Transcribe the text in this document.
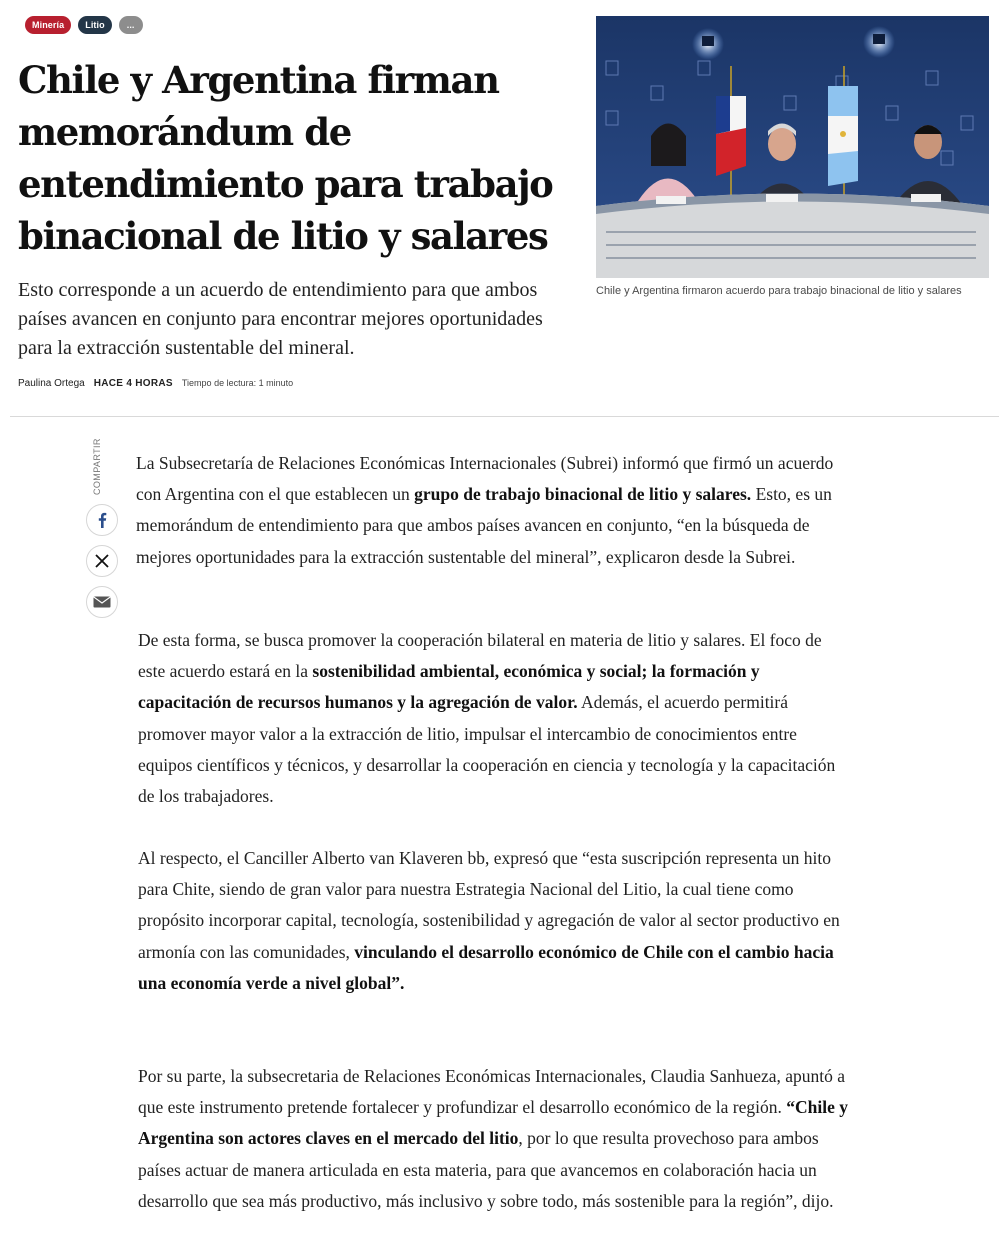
Minería	Litio	...
Chile y Argentina firman memorándum de entendimiento para trabajo binacional de litio y salares

Esto corresponde a un acuerdo de entendimiento para que ambos países avancen en conjunto para encontrar mejores oportunidades para la extracción sustentable del mineral.

Paulina Ortega HACE 4 HORAS Tiempo de lectura: 1 minuto

Chile y Argentina firmaron acuerdo para trabajo binacional de litio y salares

COMPARTIR La Subsecretaría de Relaciones Económicas Internacionales (Subrei) informó que firmó un acuerdo con Argentina con el que establecen un grupo de trabajo binacional de litio y salares. Esto, es un memorándum de entendimiento para que ambos países avancen en conjunto, “en la búsqueda de mejores oportunidades para la extracción sustentable del mineral”, explicaron desde la Subrei.

De esta forma, se busca promover la cooperación bilateral en materia de litio y salares. El foco de este acuerdo estará en la sostenibilidad ambiental, económica y social; la formación y capacitación de recursos humanos y la agregación de valor. Además, el acuerdo permitirá promover mayor valor a la extracción de litio, impulsar el intercambio de conocimientos entre equipos científicos y técnicos, y desarrollar la cooperación en ciencia y tecnología y la capacitación de los trabajadores.

Al respecto, el Canciller Alberto van Klaveren bb, expresó que “esta suscripción representa un hito para Chite, siendo de gran valor para nuestra Estrategia Nacional del Litio, la cual tiene como propósito incorporar capital, tecnología, sostenibilidad y agregación de valor al sector productivo en armonía con las comunidades, vinculando el desarrollo económico de Chile con el cambio hacia una economía verde a nivel global”.

Por su parte, la subsecretaria de Relaciones Económicas Internacionales, Claudia Sanhueza, apuntó a que este instrumento pretende fortalecer y profundizar el desarrollo económico de la región. “Chile y Argentina son actores claves en el mercado del litio, por lo que resulta provechoso para ambos países actuar de manera articulada en esta materia, para que avancemos en colaboración hacia un desarrollo que sea más productivo, más inclusivo y sobre todo, más sostenible para la región”, dijo.
